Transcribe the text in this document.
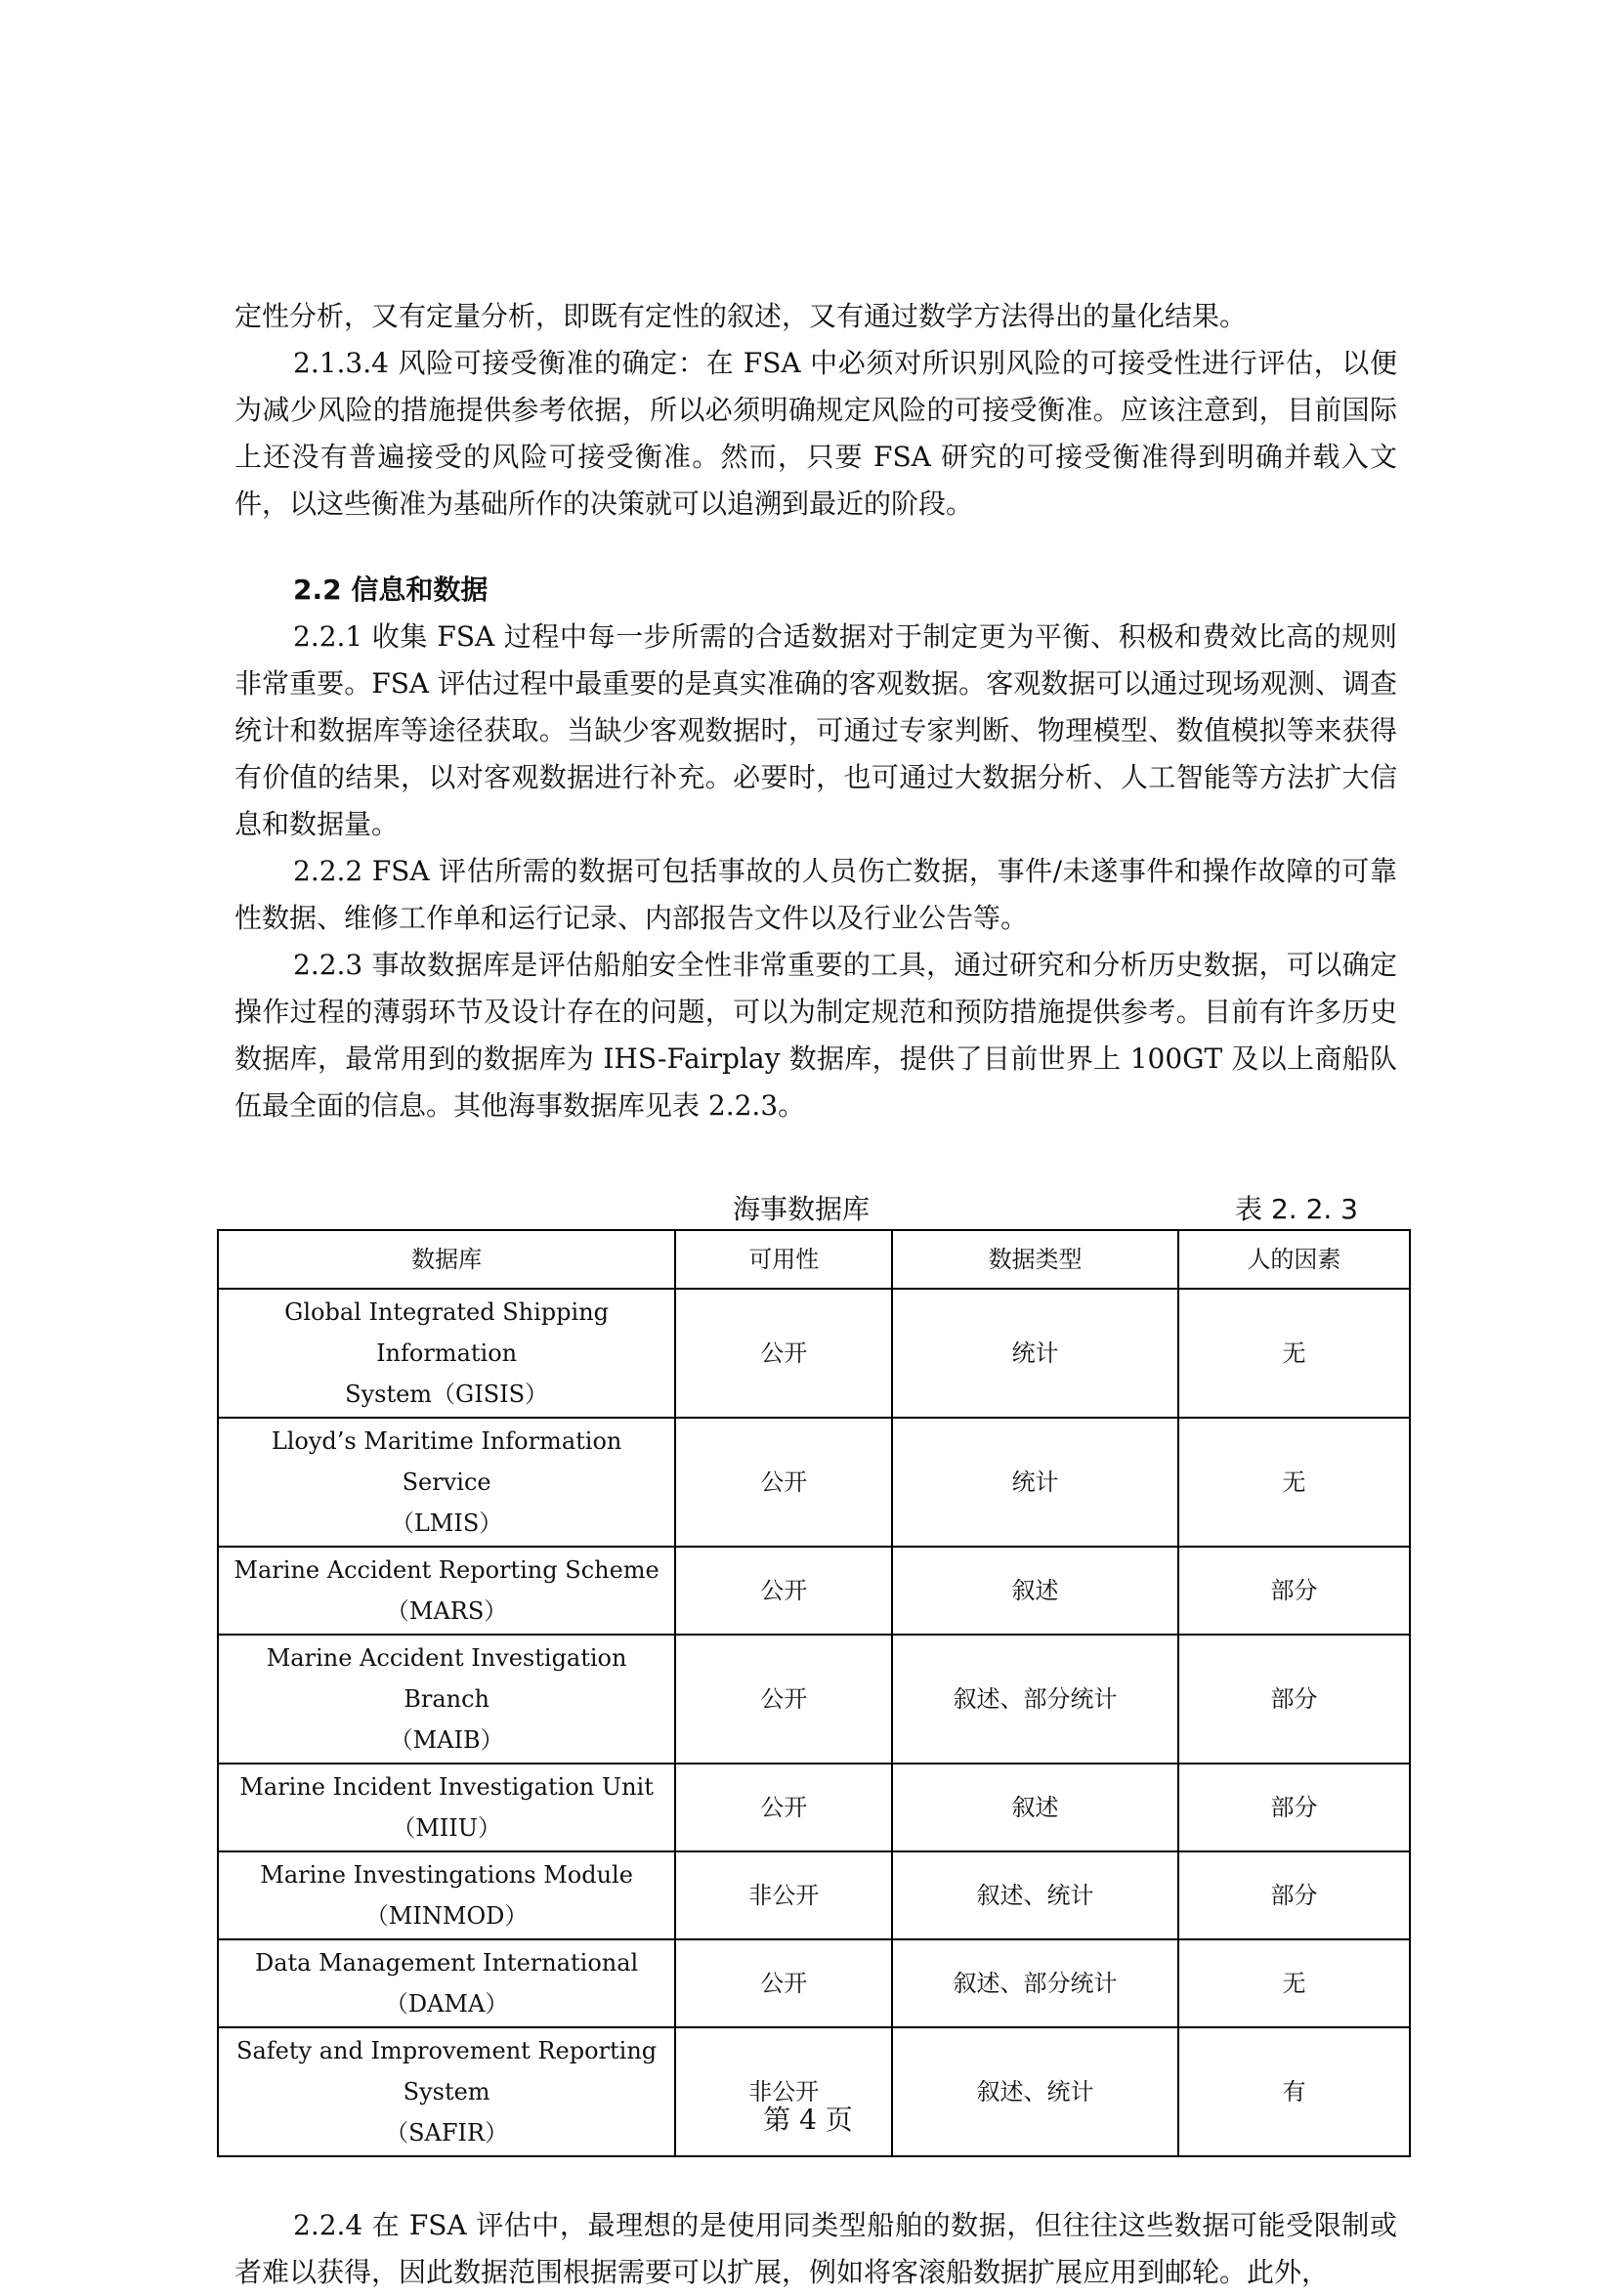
定性分析，又有定量分析，即既有定性的叙述，又有通过数学方法得出的量化结果。

2.1.3.4 风险可接受衡准的确定：在 FSA 中必须对所识别风险的可接受性进行评估，以便为减少风险的措施提供参考依据，所以必须明确规定风险的可接受衡准。应该注意到，目前国际上还没有普遍接受的风险可接受衡准。然而，只要 FSA 研究的可接受衡准得到明确并载入文件，以这些衡准为基础所作的决策就可以追溯到最近的阶段。

2.2 信息和数据

2.2.1 收集 FSA 过程中每一步所需的合适数据对于制定更为平衡、积极和费效比高的规则非常重要。FSA 评估过程中最重要的是真实准确的客观数据。客观数据可以通过现场观测、调查统计和数据库等途径获取。当缺少客观数据时，可通过专家判断、物理模型、数值模拟等来获得有价值的结果，以对客观数据进行补充。必要时，也可通过大数据分析、人工智能等方法扩大信息和数据量。

2.2.2 FSA 评估所需的数据可包括事故的人员伤亡数据，事件/未遂事件和操作故障的可靠性数据、维修工作单和运行记录、内部报告文件以及行业公告等。

2.2.3 事故数据库是评估船舶安全性非常重要的工具，通过研究和分析历史数据，可以确定操作过程的薄弱环节及设计存在的问题，可以为制定规范和预防措施提供参考。目前有许多历史数据库，最常用到的数据库为 IHS-Fairplay 数据库，提供了目前世界上 100GT 及以上商船队伍最全面的信息。其他海事数据库见表 2.2.3。

海事数据库	表 2. 2. 3
数据库	可用性	数据类型	人的因素
Global Integrated Shipping Information
System（GISIS）	公开	统计	无
Lloyd’s Maritime Information Service
（LMIS）	公开	统计	无
Marine Accident Reporting Scheme
（MARS）	公开	叙述	部分
Marine Accident Investigation Branch
（MAIB）	公开	叙述、部分统计	部分
Marine Incident Investigation Unit（MIIU）	公开	叙述	部分
Marine Investingations Module
（MINMOD）	非公开	叙述、统计	部分
Data Management International（DAMA）	公开	叙述、部分统计	无
Safety and Improvement Reporting System
（SAFIR）	非公开	叙述、统计	有

2.2.4 在 FSA 评估中，最理想的是使用同类型船舶的数据，但往往这些数据可能受限制或者难以获得，因此数据范围根据需要可以扩展，例如将客滚船数据扩展应用到邮轮。此外，

第 4 页
